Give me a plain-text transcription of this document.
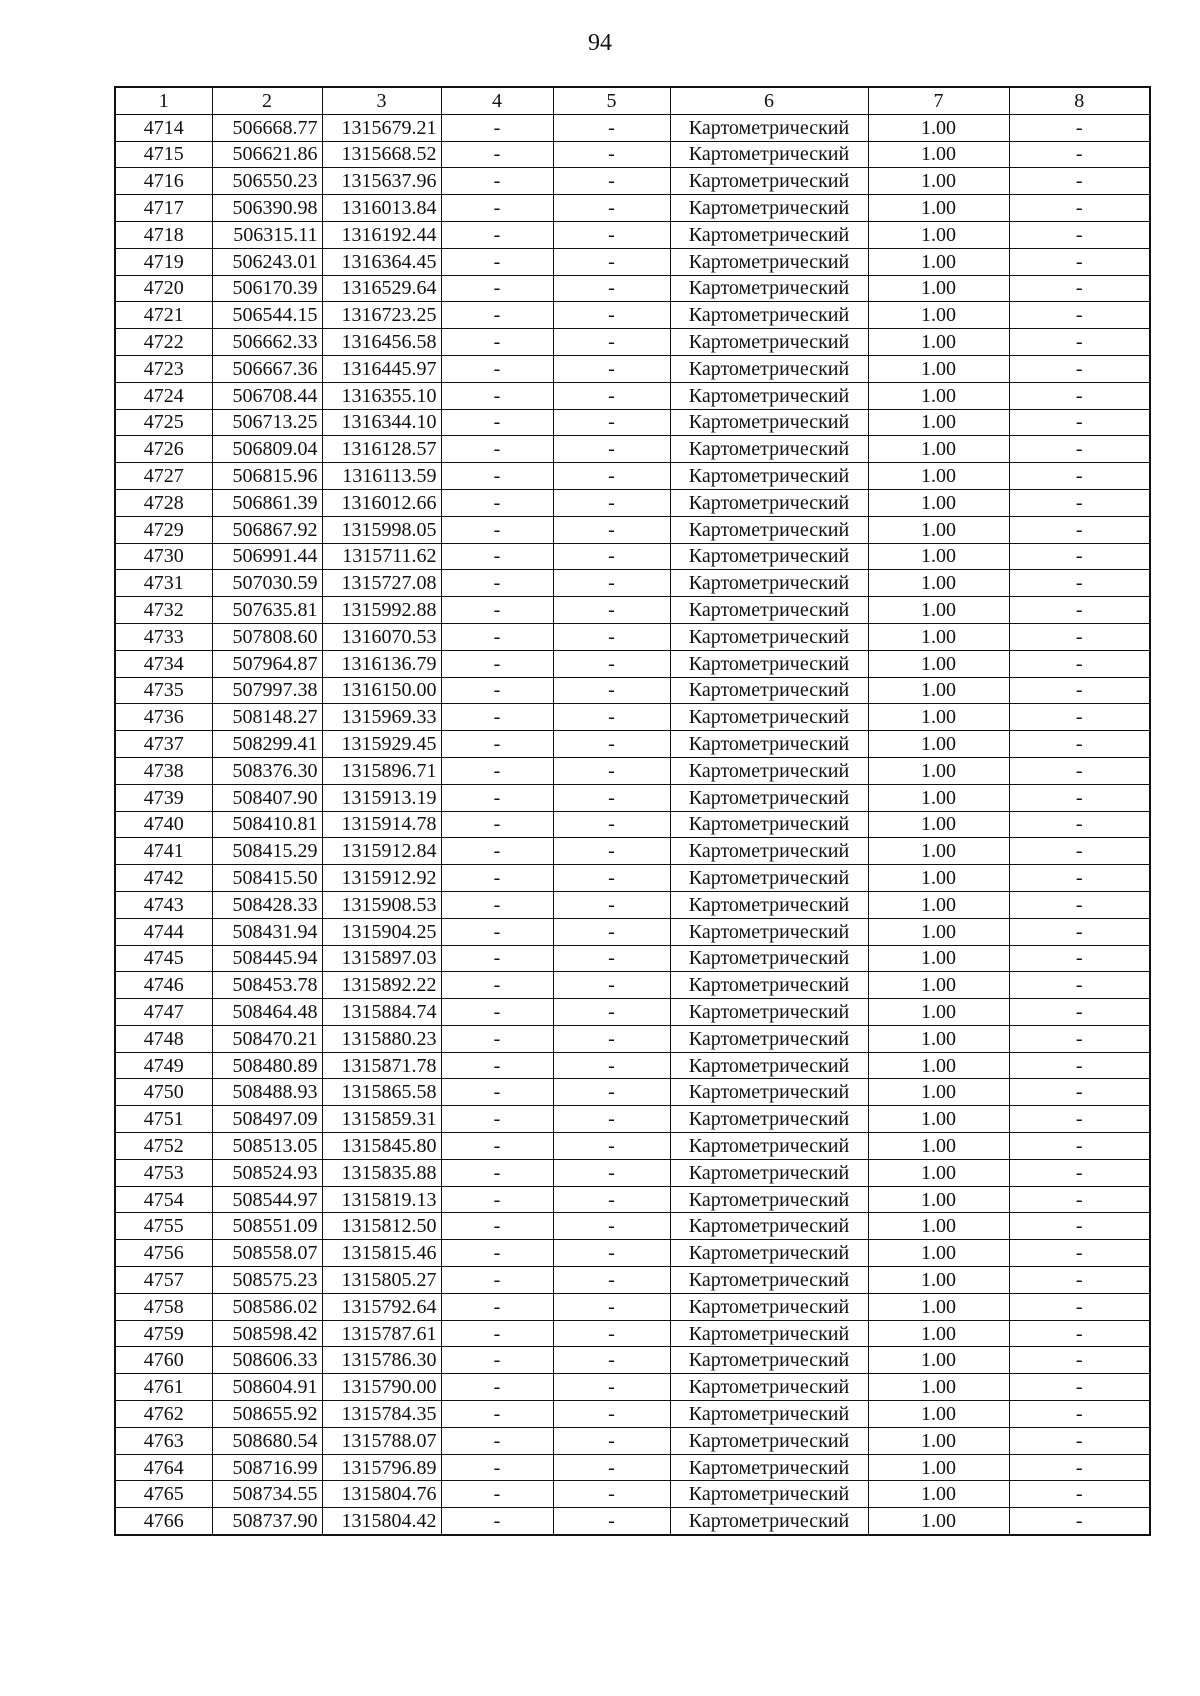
94
1	2	3	4	5	6	7	8
4714	506668.77	1315679.21	-	-	Картометрический	1.00	-
4715	506621.86	1315668.52	-	-	Картометрический	1.00	-
4716	506550.23	1315637.96	-	-	Картометрический	1.00	-
4717	506390.98	1316013.84	-	-	Картометрический	1.00	-
4718	506315.11	1316192.44	-	-	Картометрический	1.00	-
4719	506243.01	1316364.45	-	-	Картометрический	1.00	-
4720	506170.39	1316529.64	-	-	Картометрический	1.00	-
4721	506544.15	1316723.25	-	-	Картометрический	1.00	-
4722	506662.33	1316456.58	-	-	Картометрический	1.00	-
4723	506667.36	1316445.97	-	-	Картометрический	1.00	-
4724	506708.44	1316355.10	-	-	Картометрический	1.00	-
4725	506713.25	1316344.10	-	-	Картометрический	1.00	-
4726	506809.04	1316128.57	-	-	Картометрический	1.00	-
4727	506815.96	1316113.59	-	-	Картометрический	1.00	-
4728	506861.39	1316012.66	-	-	Картометрический	1.00	-
4729	506867.92	1315998.05	-	-	Картометрический	1.00	-
4730	506991.44	1315711.62	-	-	Картометрический	1.00	-
4731	507030.59	1315727.08	-	-	Картометрический	1.00	-
4732	507635.81	1315992.88	-	-	Картометрический	1.00	-
4733	507808.60	1316070.53	-	-	Картометрический	1.00	-
4734	507964.87	1316136.79	-	-	Картометрический	1.00	-
4735	507997.38	1316150.00	-	-	Картометрический	1.00	-
4736	508148.27	1315969.33	-	-	Картометрический	1.00	-
4737	508299.41	1315929.45	-	-	Картометрический	1.00	-
4738	508376.30	1315896.71	-	-	Картометрический	1.00	-
4739	508407.90	1315913.19	-	-	Картометрический	1.00	-
4740	508410.81	1315914.78	-	-	Картометрический	1.00	-
4741	508415.29	1315912.84	-	-	Картометрический	1.00	-
4742	508415.50	1315912.92	-	-	Картометрический	1.00	-
4743	508428.33	1315908.53	-	-	Картометрический	1.00	-
4744	508431.94	1315904.25	-	-	Картометрический	1.00	-
4745	508445.94	1315897.03	-	-	Картометрический	1.00	-
4746	508453.78	1315892.22	-	-	Картометрический	1.00	-
4747	508464.48	1315884.74	-	-	Картометрический	1.00	-
4748	508470.21	1315880.23	-	-	Картометрический	1.00	-
4749	508480.89	1315871.78	-	-	Картометрический	1.00	-
4750	508488.93	1315865.58	-	-	Картометрический	1.00	-
4751	508497.09	1315859.31	-	-	Картометрический	1.00	-
4752	508513.05	1315845.80	-	-	Картометрический	1.00	-
4753	508524.93	1315835.88	-	-	Картометрический	1.00	-
4754	508544.97	1315819.13	-	-	Картометрический	1.00	-
4755	508551.09	1315812.50	-	-	Картометрический	1.00	-
4756	508558.07	1315815.46	-	-	Картометрический	1.00	-
4757	508575.23	1315805.27	-	-	Картометрический	1.00	-
4758	508586.02	1315792.64	-	-	Картометрический	1.00	-
4759	508598.42	1315787.61	-	-	Картометрический	1.00	-
4760	508606.33	1315786.30	-	-	Картометрический	1.00	-
4761	508604.91	1315790.00	-	-	Картометрический	1.00	-
4762	508655.92	1315784.35	-	-	Картометрический	1.00	-
4763	508680.54	1315788.07	-	-	Картометрический	1.00	-
4764	508716.99	1315796.89	-	-	Картометрический	1.00	-
4765	508734.55	1315804.76	-	-	Картометрический	1.00	-
4766	508737.90	1315804.42	-	-	Картометрический	1.00	-
